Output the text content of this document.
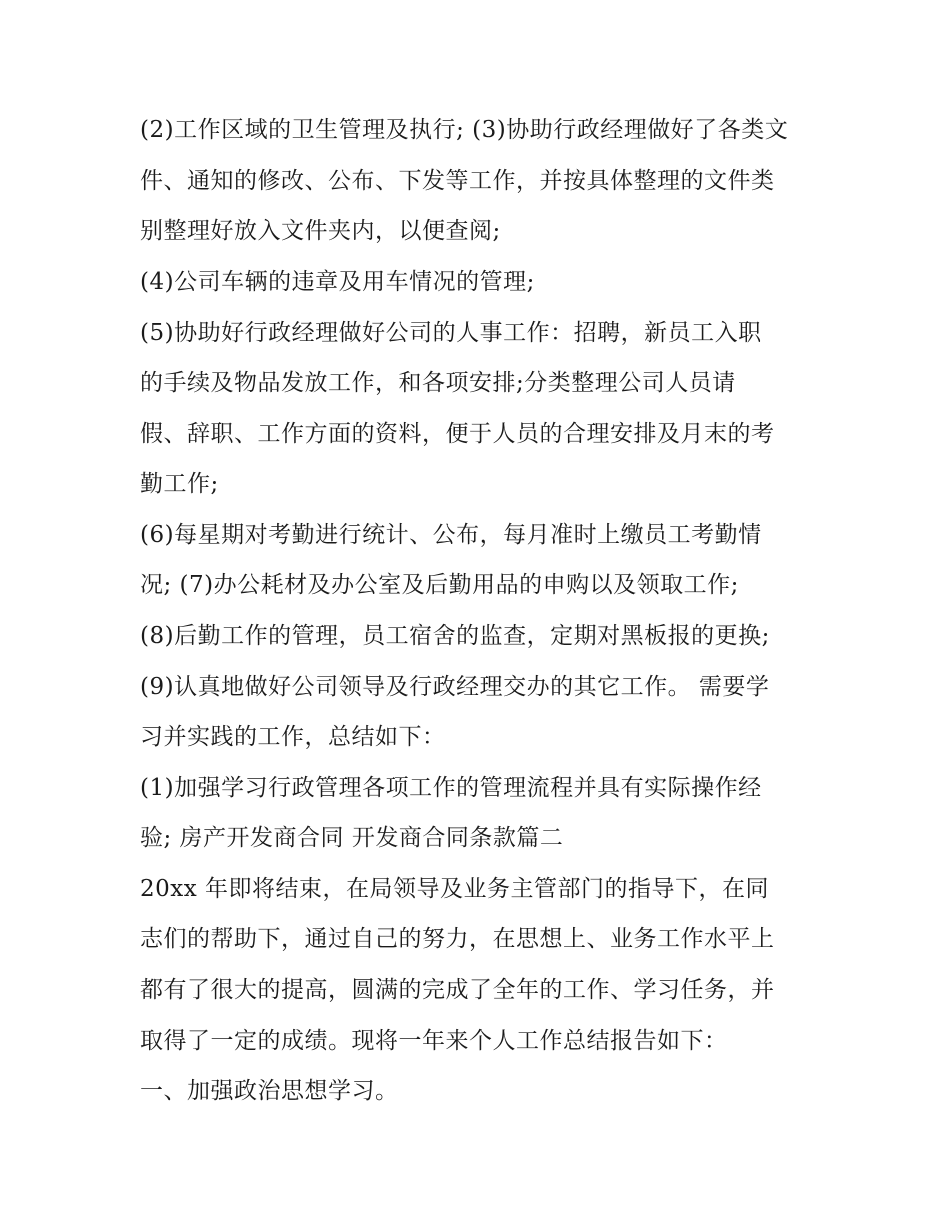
(2)工作区域的卫生管理及执行; (3)协助行政经理做好了各类文
件、通知的修改、公布、下发等工作，并按具体整理的文件类
别整理好放入文件夹内，以便查阅;
(4)公司车辆的违章及用车情况的管理;
(5)协助好行政经理做好公司的人事工作：招聘，新员工入职
的手续及物品发放工作，和各项安排;分类整理公司人员请
假、辞职、工作方面的资料，便于人员的合理安排及月末的考
勤工作;
(6)每星期对考勤进行统计、公布，每月准时上缴员工考勤情
况; (7)办公耗材及办公室及后勤用品的申购以及领取工作;
(8)后勤工作的管理，员工宿舍的监查，定期对黑板报的更换;
(9)认真地做好公司领导及行政经理交办的其它工作。 需要学
习并实践的工作，总结如下：
(1)加强学习行政管理各项工作的管理流程并具有实际操作经
验; 房产开发商合同 开发商合同条款篇二
20xx 年即将结束，在局领导及业务主管部门的指导下，在同
志们的帮助下，通过自己的努力，在思想上、业务工作水平上
都有了很大的提高，圆满的完成了全年的工作、学习任务，并
取得了一定的成绩。现将一年来个人工作总结报告如下：
一、加强政治思想学习。
